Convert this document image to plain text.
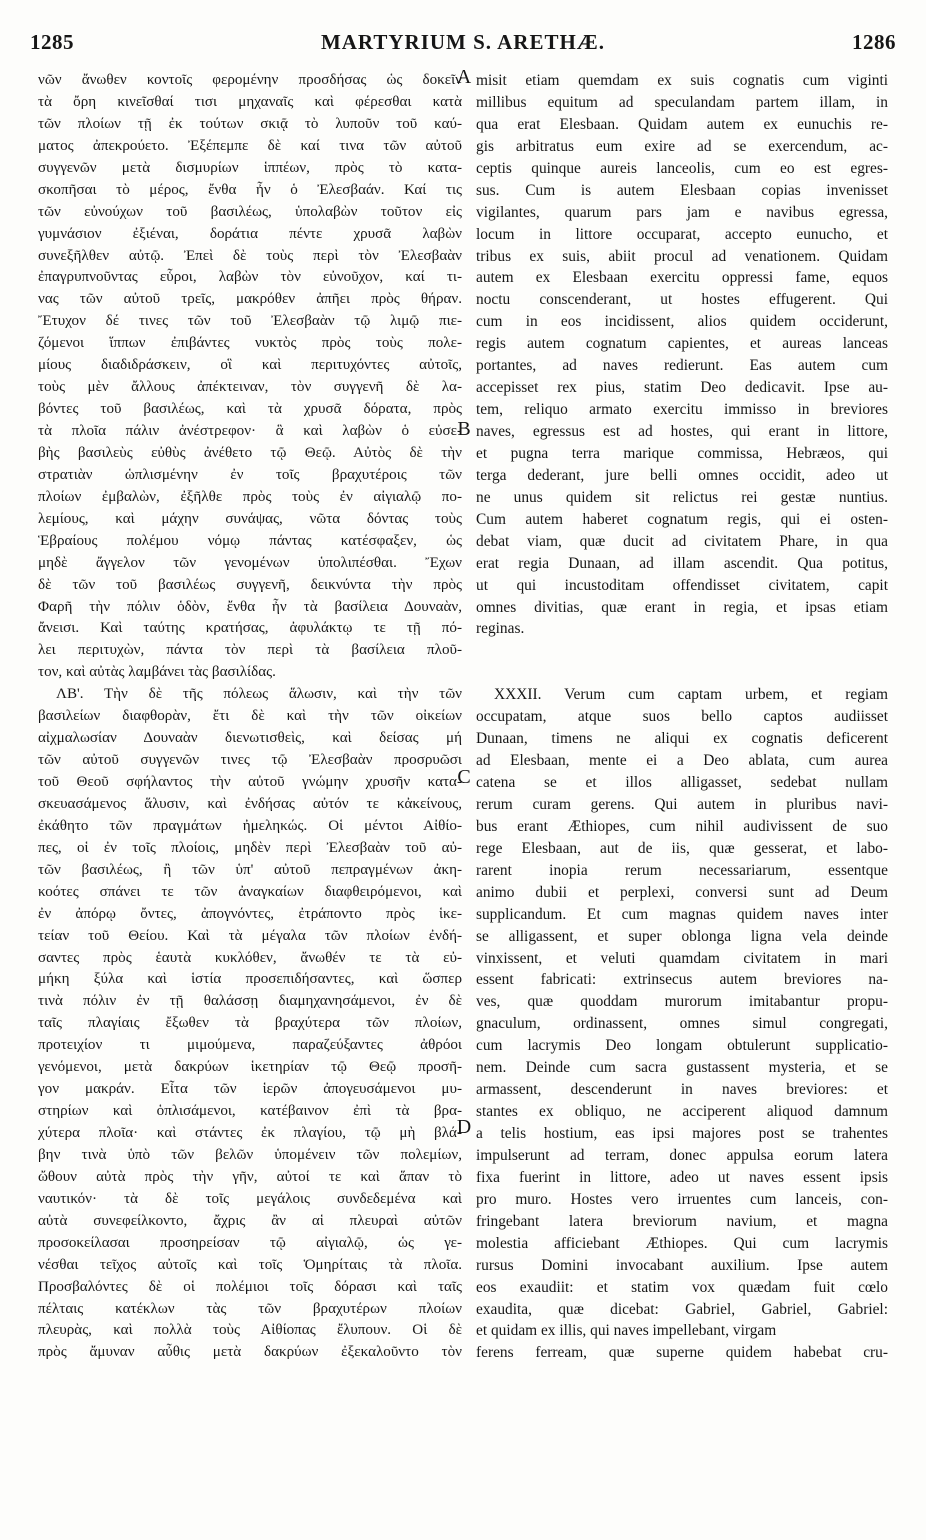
1285	MARTYRIUM S. ARETHÆ.	1286
A
B
C
D
νῶν ἄνωθεν κοντοῖς φερομένην προσδήσας ὡς δοκεῖν
τὰ ὄρη κινεῖσθαί τισι μηχαναῖς καὶ φέρεσθαι κατὰ
τῶν πλοίων τῇ ἐκ τούτων σκιᾷ τὸ λυποῦν τοῦ καύ-
ματος ἀπεκρούετο. Ἐξέπεμπε δὲ καί τινα τῶν αὐτοῦ
συγγενῶν μετὰ δισμυρίων ἱππέων, πρὸς τὸ κατα-
σκοπῆσαι τὸ μέρος, ἔνθα ἦν ὁ Ἐλεσβαάν. Καί τις
τῶν εὐνούχων τοῦ βασιλέως, ὑπολαβὼν τοῦτον εἰς
γυμνάσιον ἐξιέναι, δοράτια πέντε χρυσᾶ λαβὼν
συνεξῆλθεν αὐτῷ. Ἐπεὶ δὲ τοὺς περὶ τὸν Ἐλεσβαὰν
ἐπαγρυπνοῦντας εὗροι, λαβὼν τὸν εὐνοῦχον, καί τι-
νας τῶν αὐτοῦ τρεῖς, μακρόθεν ἀπῆει πρὸς θήραν.
Ἔτυχον δέ τινες τῶν τοῦ Ἐλεσβαὰν τῷ λιμῷ πιε-
ζόμενοι ἵππων ἐπιβάντες νυκτὸς πρὸς τοὺς πολε-
μίους διαδιδράσκειν, οἳ καὶ περιτυχόντες αὐτοῖς,
τοὺς μὲν ἄλλους ἀπέκτειναν, τὸν συγγενῆ δὲ λα-
βόντες τοῦ βασιλέως, καὶ τὰ χρυσᾶ δόρατα, πρὸς
τὰ πλοῖα πάλιν ἀνέστρεφον· ἃ καὶ λαβὼν ὁ εὐσε-
βὴς βασιλεὺς εὐθὺς ἀνέθετο τῷ Θεῷ. Αὐτὸς δὲ τὴν
στρατιὰν ὡπλισμένην ἐν τοῖς βραχυτέροις τῶν
πλοίων ἐμβαλὼν, ἐξῆλθε πρὸς τοὺς ἐν αἰγιαλῷ πο-
λεμίους, καὶ μάχην συνάψας, νῶτα δόντας τοὺς
Ἑβραίους πολέμου νόμῳ πάντας κατέσφαξεν, ὡς
μηδὲ ἄγγελον τῶν γενομένων ὑπολιπέσθαι. Ἔχων
δὲ τῶν τοῦ βασιλέως συγγενῆ, δεικνύντα τὴν πρὸς
Φαρῆ τὴν πόλιν ὁδὸν, ἔνθα ἦν τὰ βασίλεια Δουναὰν,
ἄνεισι. Καὶ ταύτης κρατήσας, ἀφυλάκτῳ τε τῇ πό-
λει περιτυχὼν, πάντα τὸν περὶ τὰ βασίλεια πλοῦ-
τον, καὶ αὐτὰς λαμβάνει τὰς βασιλίδας.
ΛΒ'. Τὴν δὲ τῆς πόλεως ἅλωσιν, καὶ τὴν τῶν
βασιλείων διαφθορὰν, ἔτι δὲ καὶ τὴν τῶν οἰκείων
αἰχμαλωσίαν Δουναὰν διενωτισθεὶς, καὶ δείσας μή
τῶν αὐτοῦ συγγενῶν τινες τῷ Ἐλεσβαὰν προσρυῶσι
τοῦ Θεοῦ σφήλαντος τὴν αὐτοῦ γνώμην χρυσῆν κατα-
σκευασάμενος ἅλυσιν, καὶ ἐνδήσας αὐτόν τε κἀκείνους,
ἐκάθητο τῶν πραγμάτων ἠμεληκώς. Οἱ μέντοι Αἰθίο-
πες, οἱ ἐν τοῖς πλοίοις, μηδὲν περὶ Ἐλεσβαὰν τοῦ αὐ-
τῶν βασιλέως, ἢ τῶν ὑπ' αὐτοῦ πεπραγμένων ἀκη-
κοότες σπάνει τε τῶν ἀναγκαίων διαφθειρόμενοι, καὶ
ἐν ἀπόρῳ ὄντες, ἀπογνόντες, ἐτράποντο πρὸς ἱκε-
τείαν τοῦ Θείου. Καὶ τὰ μέγαλα τῶν πλοίων ἐνδή-
σαντες πρὸς ἑαυτὰ κυκλόθεν, ἄνωθέν τε τὰ εὐ-
μήκη ξύλα καὶ ἱστία προσεπιδήσαντες, καὶ ὥσπερ
τινὰ πόλιν ἐν τῇ θαλάσσῃ διαμηχανησάμενοι, ἐν δὲ
ταῖς πλαγίαις ἔξωθεν τὰ βραχύτερα τῶν πλοίων,
προτειχίον τι μιμούμενα, παραζεύξαντες ἀθρόοι
γενόμενοι, μετὰ δακρύων ἱκετηρίαν τῷ Θεῷ προσῆ-
γον μακράν. Εἶτα τῶν ἱερῶν ἀπογευσάμενοι μυ-
στηρίων καὶ ὁπλισάμενοι, κατέβαινον ἐπὶ τὰ βρα-
χύτερα πλοῖα· καὶ στάντες ἐκ πλαγίου, τῷ μὴ βλά-
βην τινὰ ὑπὸ τῶν βελῶν ὑπομένειν τῶν πολεμίων,
ὤθουν αὐτὰ πρὸς τὴν γῆν, αὐτοί τε καὶ ἅπαν τὸ
ναυτικόν· τὰ δὲ τοῖς μεγάλοις συνδεδεμένα καὶ
αὐτὰ συνεφείλκοντο, ἄχρις ἂν αἱ πλευραὶ αὐτῶν
προσοκείλασαι προσηρείσαν τῷ αἰγιαλῷ, ὡς γε-
νέσθαι τεῖχος αὐτοῖς καὶ τοῖς Ὁμηρίταις τὰ πλοῖα.
Προσβαλόντες δὲ οἱ πολέμιοι τοῖς δόρασι καὶ ταῖς
πέλταις κατέκλων τὰς τῶν βραχυτέρων πλοίων
πλευρὰς, καὶ πολλὰ τοὺς Αἰθίοπας ἔλυπουν. Οἱ δὲ
πρὸς ἄμυναν αὖθις μετὰ δακρύων ἐξεκαλοῦντο τὸν
misit etiam quemdam ex suis cognatis cum viginti
millibus equitum ad speculandam partem illam, in
qua erat Elesbaan. Quidam autem ex eunuchis re-
gis arbitratus eum exire ad se exercendum, ac-
ceptis quinque aureis lanceolis, cum eo est egres-
sus. Cum is autem Elesbaan copias invenisset
vigilantes, quarum pars jam e navibus egressa,
locum in littore occuparat, accepto eunucho, et
tribus ex suis, abiit procul ad venationem. Quidam
autem ex Elesbaan exercitu oppressi fame, equos
noctu conscenderant, ut hostes effugerent. Qui
cum in eos incidissent, alios quidem occiderunt,
regis autem cognatum capientes, et aureas lanceas
portantes, ad naves redierunt. Eas autem cum
accepisset rex pius, statim Deo dedicavit. Ipse au-
tem, reliquo armato exercitu immisso in breviores
naves, egressus est ad hostes, qui erant in littore,
et pugna terra marique commissa, Hebræos, qui
terga dederant, jure belli omnes occidit, adeo ut
ne unus quidem sit relictus rei gestæ nuntius.
Cum autem haberet cognatum regis, qui ei osten-
debat viam, quæ ducit ad civitatem Phare, in qua
erat regia Dunaan, ad illam ascendit. Qua potitus,
ut qui incustoditam offendisset civitatem, capit
omnes divitias, quæ erant in regia, et ipsas etiam
reginas.
XXXII. Verum cum captam urbem, et regiam
occupatam, atque suos bello captos audiisset
Dunaan, timens ne aliqui ex cognatis deficerent
ad Elesbaan, mente ei a Deo ablata, cum aurea
catena se et illos alligasset, sedebat nullam
rerum curam gerens. Qui autem in pluribus navi-
bus erant Æthiopes, cum nihil audivissent de suo
rege Elesbaan, aut de iis, quæ gesserat, et labo-
rarent inopia rerum necessariarum, essentque
animo dubii et perplexi, conversi sunt ad Deum
supplicandum. Et cum magnas quidem naves inter
se alligassent, et super oblonga ligna vela deinde
vinxissent, et veluti quamdam civitatem in mari
essent fabricati: extrinsecus autem breviores na-
ves, quæ quoddam murorum imitabantur propu-
gnaculum, ordinassent, omnes simul congregati,
cum lacrymis Deo longam obtulerunt supplicatio-
nem. Deinde cum sacra gustassent mysteria, et se
armassent, descenderunt in naves breviores: et
stantes ex obliquo, ne acciperent aliquod damnum
a telis hostium, eas ipsi majores post se trahentes
impulserunt ad terram, donec appulsa eorum latera
fixa fuerint in littore, adeo ut naves essent ipsis
pro muro. Hostes vero irruentes cum lanceis, con-
fringebant latera breviorum navium, et magna
molestia afficiebant Æthiopes. Qui cum lacrymis
rursus Domini invocabant auxilium. Ipse autem
eos exaudiit: et statim vox quædam fuit cœlo
exaudita, quæ dicebat: Gabriel, Gabriel, Gabriel:
et quidam ex illis, qui naves impellebant, virgam
ferens ferream, quæ superne quidem habebat cru-
